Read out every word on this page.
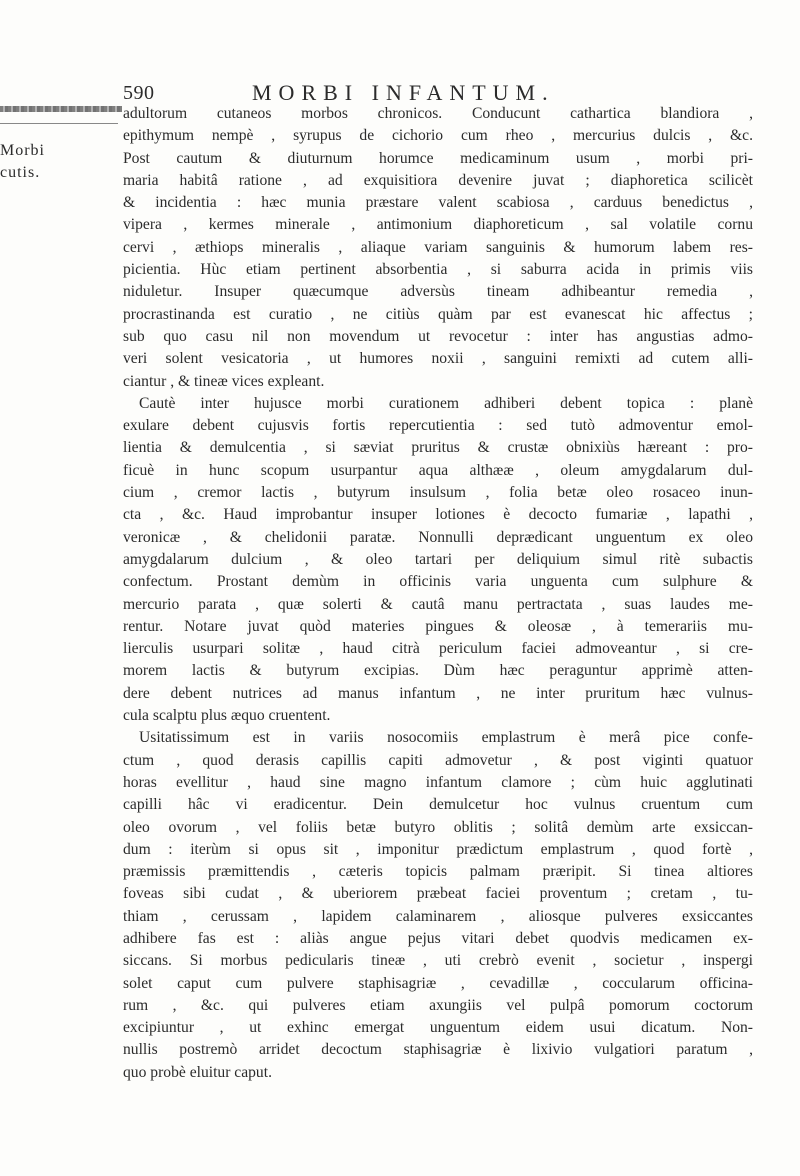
590	MORBI INFANTUM.
Morbi
cutis.
adultorum cutaneos morbos chronicos. Conducunt cathartica blandiora ,
epithymum nempè , syrupus de cichorio cum rheo , mercurius dulcis , &c.
Post cautum & diuturnum horumce medicaminum usum , morbi pri-
maria habitâ ratione , ad exquisitiora devenire juvat ; diaphoretica scilicèt
& incidentia : hæc munia præstare valent scabiosa , carduus benedictus ,
vipera , kermes minerale , antimonium diaphoreticum , sal volatile cornu
cervi , æthiops mineralis , aliaque variam sanguinis & humorum labem res-
picientia. Hùc etiam pertinent absorbentia , si saburra acida in primis viis
niduletur. Insuper quæcumque adversùs tineam adhibeantur remedia ,
procrastinanda est curatio , ne citiùs quàm par est evanescat hic affectus ;
sub quo casu nil non movendum ut revocetur : inter has angustias admo-
veri solent vesicatoria , ut humores noxii , sanguini remixti ad cutem alli-
ciantur , & tineæ vices expleant.
Cautè inter hujusce morbi curationem adhiberi debent topica : planè
exulare debent cujusvis fortis repercutientia : sed tutò admoventur emol-
lientia & demulcentia , si sæviat pruritus & crustæ obnixiùs hæreant : pro-
ficuè in hunc scopum usurpantur aqua althææ , oleum amygdalarum dul-
cium , cremor lactis , butyrum insulsum , folia betæ oleo rosaceo inun-
cta , &c. Haud improbantur insuper lotiones è decocto fumariæ , lapathi ,
veronicæ , & chelidonii paratæ. Nonnulli deprædicant unguentum ex oleo
amygdalarum dulcium , & oleo tartari per deliquium simul ritè subactis
confectum. Prostant demùm in officinis varia unguenta cum sulphure &
mercurio parata , quæ solerti & cautâ manu pertractata , suas laudes me-
rentur. Notare juvat quòd materies pingues & oleosæ , à temerariis mu-
lierculis usurpari solitæ , haud citrà periculum faciei admoveantur , si cre-
morem lactis & butyrum excipias. Dùm hæc peraguntur apprimè atten-
dere debent nutrices ad manus infantum , ne inter pruritum hæc vulnus-
cula scalptu plus æquo cruentent.
Usitatissimum est in variis nosocomiis emplastrum è merâ pice confe-
ctum , quod derasis capillis capiti admovetur , & post viginti quatuor
horas evellitur , haud sine magno infantum clamore ; cùm huic agglutinati
capilli hâc vi eradicentur. Dein demulcetur hoc vulnus cruentum cum
oleo ovorum , vel foliis betæ butyro oblitis ; solitâ demùm arte exsiccan-
dum : iterùm si opus sit , imponitur prædictum emplastrum , quod fortè ,
præmissis præmittendis , cæteris topicis palmam præripit. Si tinea altiores
foveas sibi cudat , & uberiorem præbeat faciei proventum ; cretam , tu-
thiam , cerussam , lapidem calaminarem , aliosque pulveres exsiccantes
adhibere fas est : aliàs angue pejus vitari debet quodvis medicamen ex-
siccans. Si morbus pedicularis tineæ , uti crebrò evenit , societur , inspergi
solet caput cum pulvere staphisagriæ , cevadillæ , coccularum officina-
rum , &c. qui pulveres etiam axungiis vel pulpâ pomorum coctorum
excipiuntur , ut exhinc emergat unguentum eidem usui dicatum. Non-
nullis postremò arridet decoctum staphisagriæ è lixivio vulgatiori paratum ,
quo probè eluitur caput.
